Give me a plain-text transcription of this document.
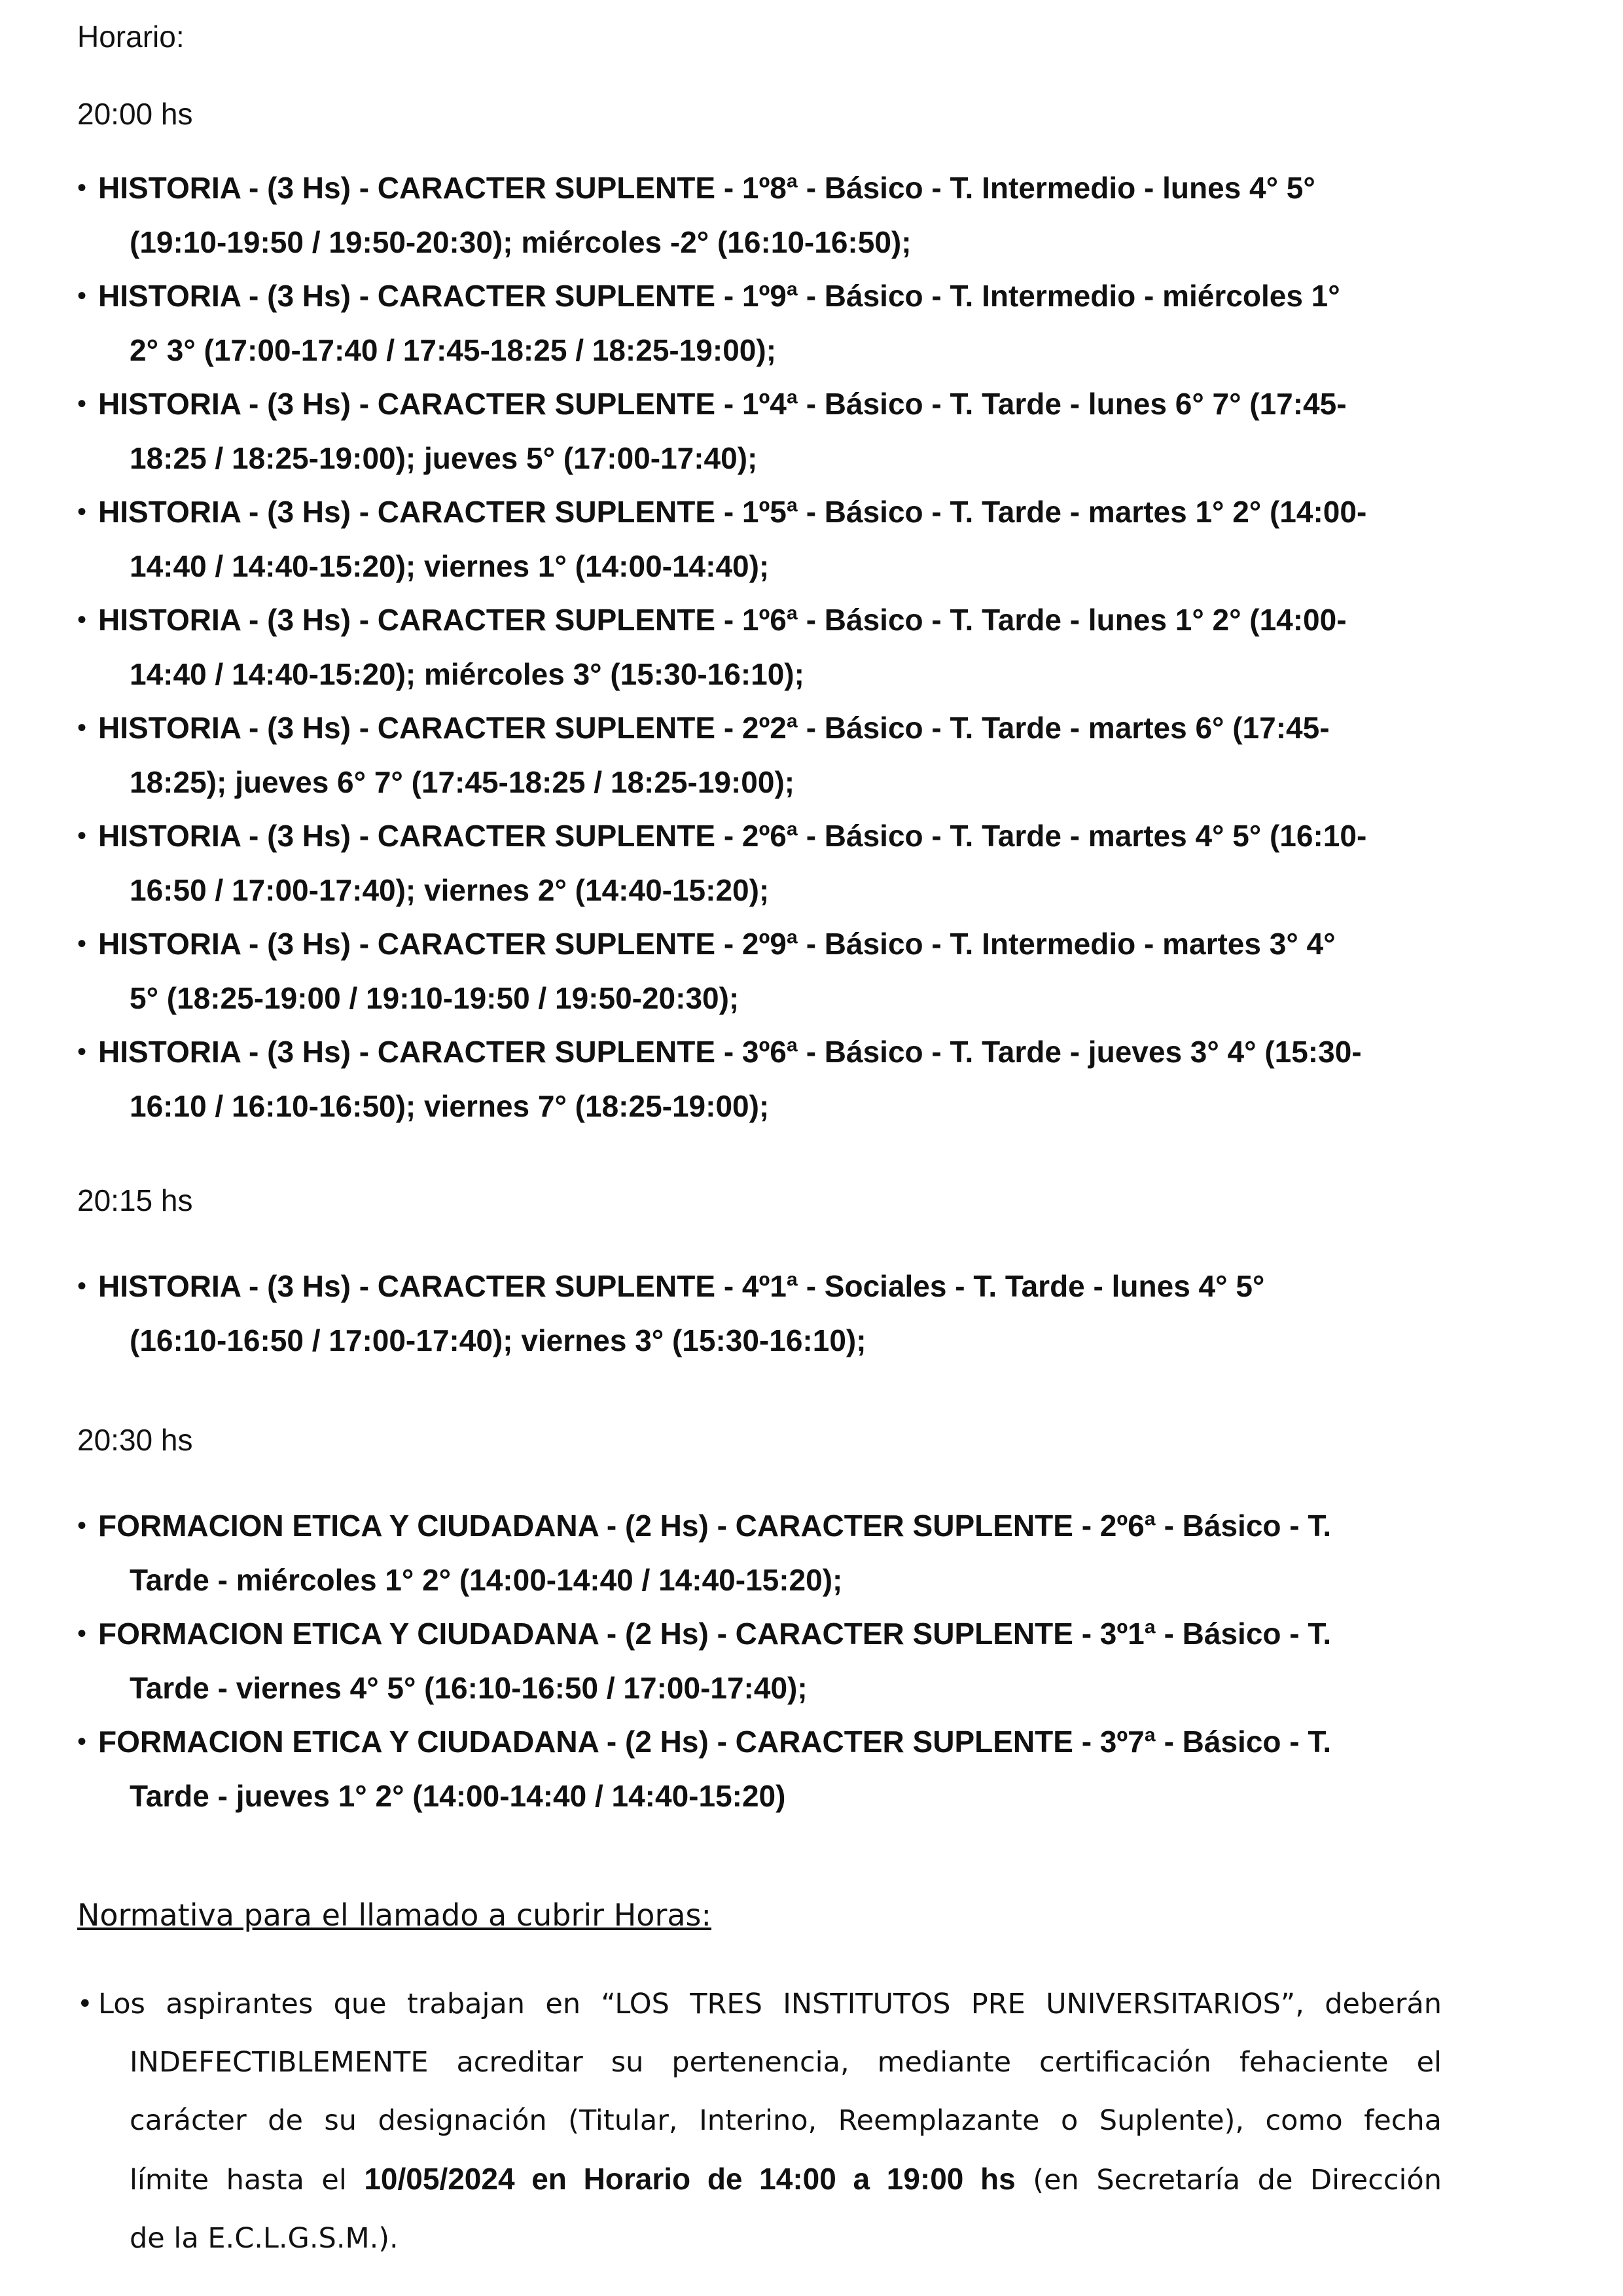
Horario:
20:00 hs
• HISTORIA - (3 Hs) - CARACTER SUPLENTE - 1º8ª - Básico - T. Intermedio - lunes 4° 5°
(19:10-19:50 / 19:50-20:30); miércoles -2° (16:10-16:50);
• HISTORIA - (3 Hs) - CARACTER SUPLENTE - 1º9ª - Básico - T. Intermedio - miércoles 1°
2° 3° (17:00-17:40 / 17:45-18:25 / 18:25-19:00);
• HISTORIA - (3 Hs) - CARACTER SUPLENTE - 1º4ª - Básico - T. Tarde - lunes 6° 7° (17:45-
18:25 / 18:25-19:00); jueves 5° (17:00-17:40);
• HISTORIA - (3 Hs) - CARACTER SUPLENTE - 1º5ª - Básico - T. Tarde - martes 1° 2° (14:00-
14:40 / 14:40-15:20); viernes 1° (14:00-14:40);
• HISTORIA - (3 Hs) - CARACTER SUPLENTE - 1º6ª - Básico - T. Tarde - lunes 1° 2° (14:00-
14:40 / 14:40-15:20); miércoles 3° (15:30-16:10);
• HISTORIA - (3 Hs) - CARACTER SUPLENTE - 2º2ª - Básico - T. Tarde - martes 6° (17:45-
18:25); jueves 6° 7° (17:45-18:25 / 18:25-19:00);
• HISTORIA - (3 Hs) - CARACTER SUPLENTE - 2º6ª - Básico - T. Tarde - martes 4° 5° (16:10-
16:50 / 17:00-17:40); viernes 2° (14:40-15:20);
• HISTORIA - (3 Hs) - CARACTER SUPLENTE - 2º9ª - Básico - T. Intermedio - martes 3° 4°
5° (18:25-19:00 / 19:10-19:50 / 19:50-20:30);
• HISTORIA - (3 Hs) - CARACTER SUPLENTE - 3º6ª - Básico - T. Tarde - jueves 3° 4° (15:30-
16:10 / 16:10-16:50); viernes 7° (18:25-19:00);
20:15 hs
• HISTORIA - (3 Hs) - CARACTER SUPLENTE - 4º1ª - Sociales - T. Tarde - lunes 4° 5°
(16:10-16:50 / 17:00-17:40); viernes 3° (15:30-16:10);
20:30 hs
• FORMACION ETICA Y CIUDADANA - (2 Hs) - CARACTER SUPLENTE - 2º6ª - Básico - T.
Tarde - miércoles 1° 2° (14:00-14:40 / 14:40-15:20);
• FORMACION ETICA Y CIUDADANA - (2 Hs) - CARACTER SUPLENTE - 3º1ª - Básico - T.
Tarde - viernes 4° 5° (16:10-16:50 / 17:00-17:40);
• FORMACION ETICA Y CIUDADANA - (2 Hs) - CARACTER SUPLENTE - 3º7ª - Básico - T.
Tarde - jueves 1° 2° (14:00-14:40 / 14:40-15:20)
Normativa para el llamado a cubrir Horas:
• Los aspirantes que trabajan en “LOS TRES INSTITUTOS PRE UNIVERSITARIOS”, deberán
INDEFECTIBLEMENTE acreditar su pertenencia, mediante certificación fehaciente el
carácter de su designación (Titular, Interino, Reemplazante o Suplente), como fecha
límite hasta el 10/05/2024 en Horario de 14:00 a 19:00 hs (en Secretaría de Dirección
de la E.C.L.G.S.M.).
